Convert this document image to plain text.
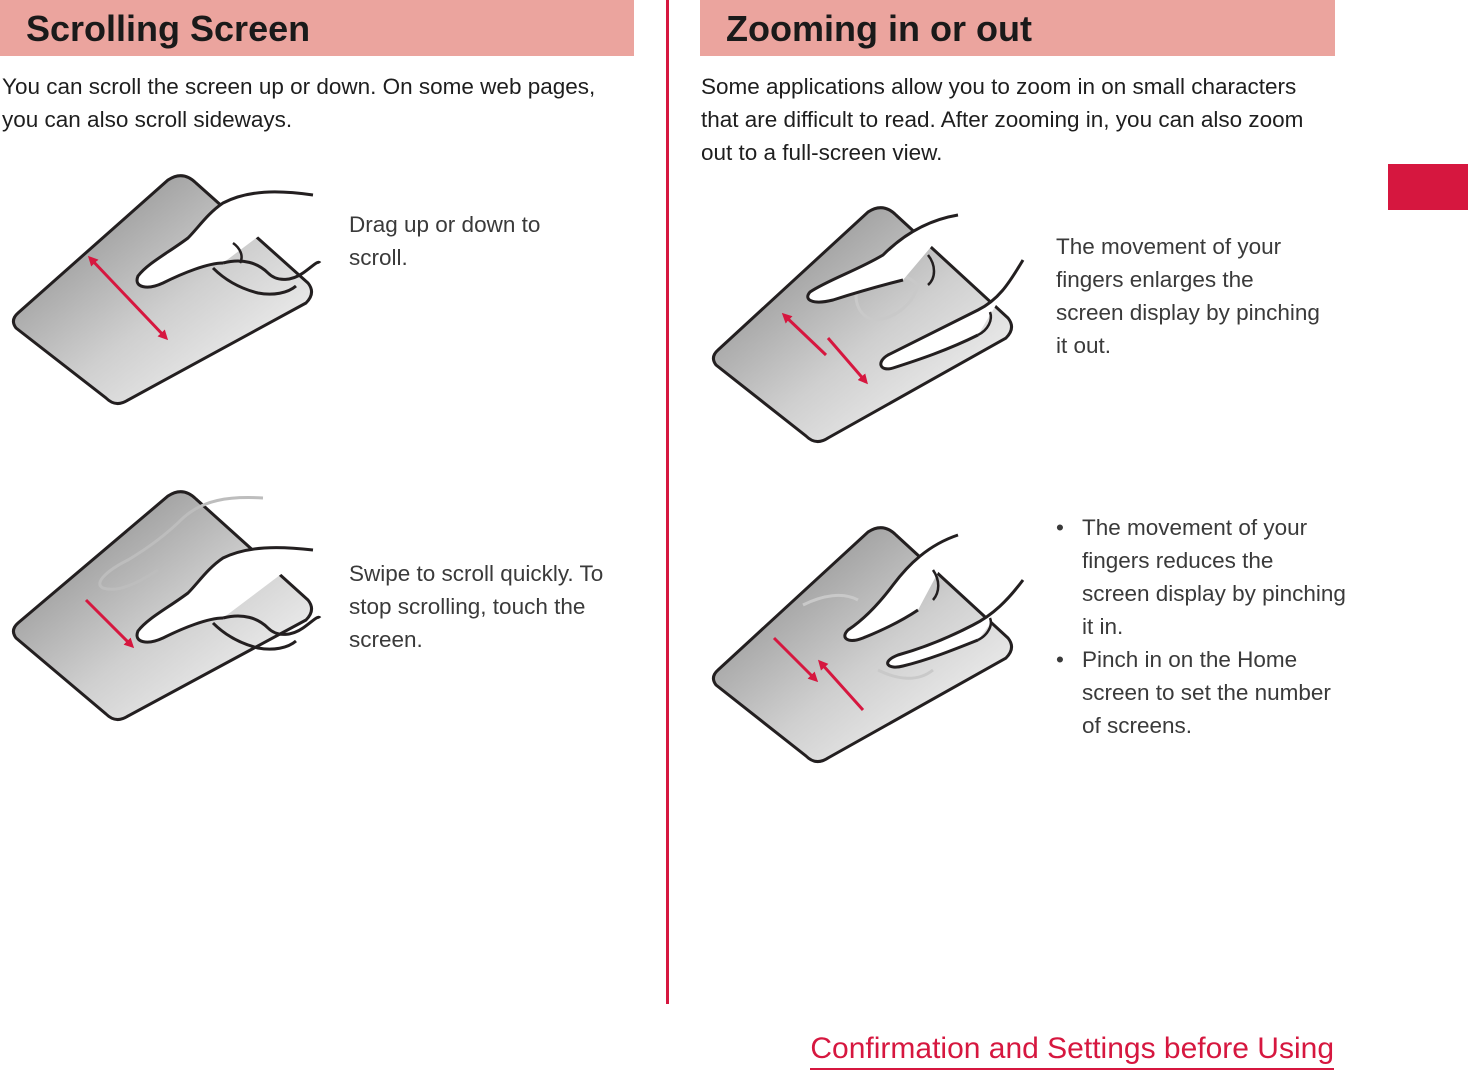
Scrolling Screen
You can scroll the screen up or down. On some web pages, you can also scroll sideways.
Drag up or down to scroll.
Swipe to scroll quickly. To stop scrolling, touch the screen.
Zooming in or out
Some applications allow you to zoom in on small characters that are difficult to read. After zooming in, you can also zoom out to a full-screen view.
The movement of your fingers enlarges the screen display by pinching it out.
• The movement of your fingers reduces the screen display by pinching it in.
• Pinch in on the Home screen to set the number of screens.
Confirmation and Settings before Using
